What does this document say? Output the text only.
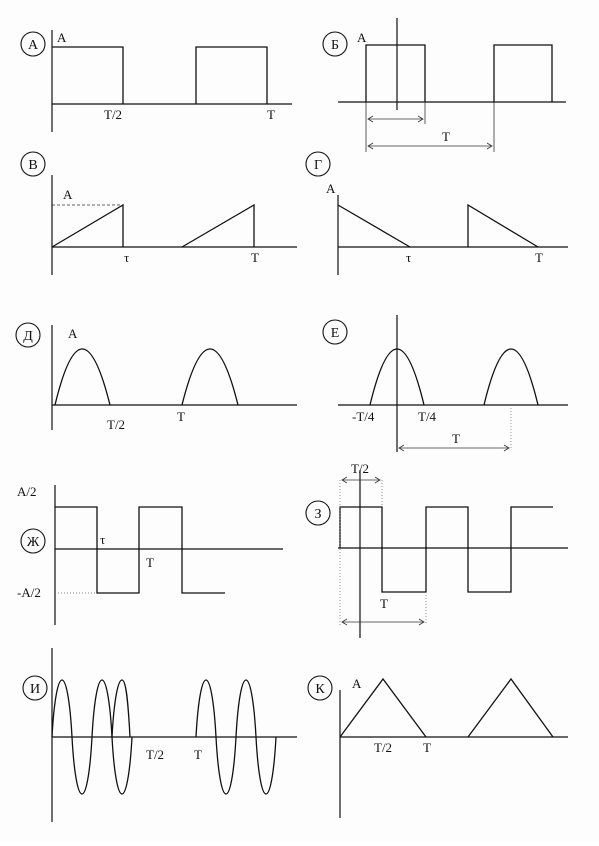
А
A
T/2	T
Б
A
T
В
A
τ	T
Г
A
τ	T
Д	A
T/2
T
Е
-T/4	T/4
T
Ж
A/2
-A/2
τ
T
З
T/2
T
И
T/2 T
К A
T/2 T
